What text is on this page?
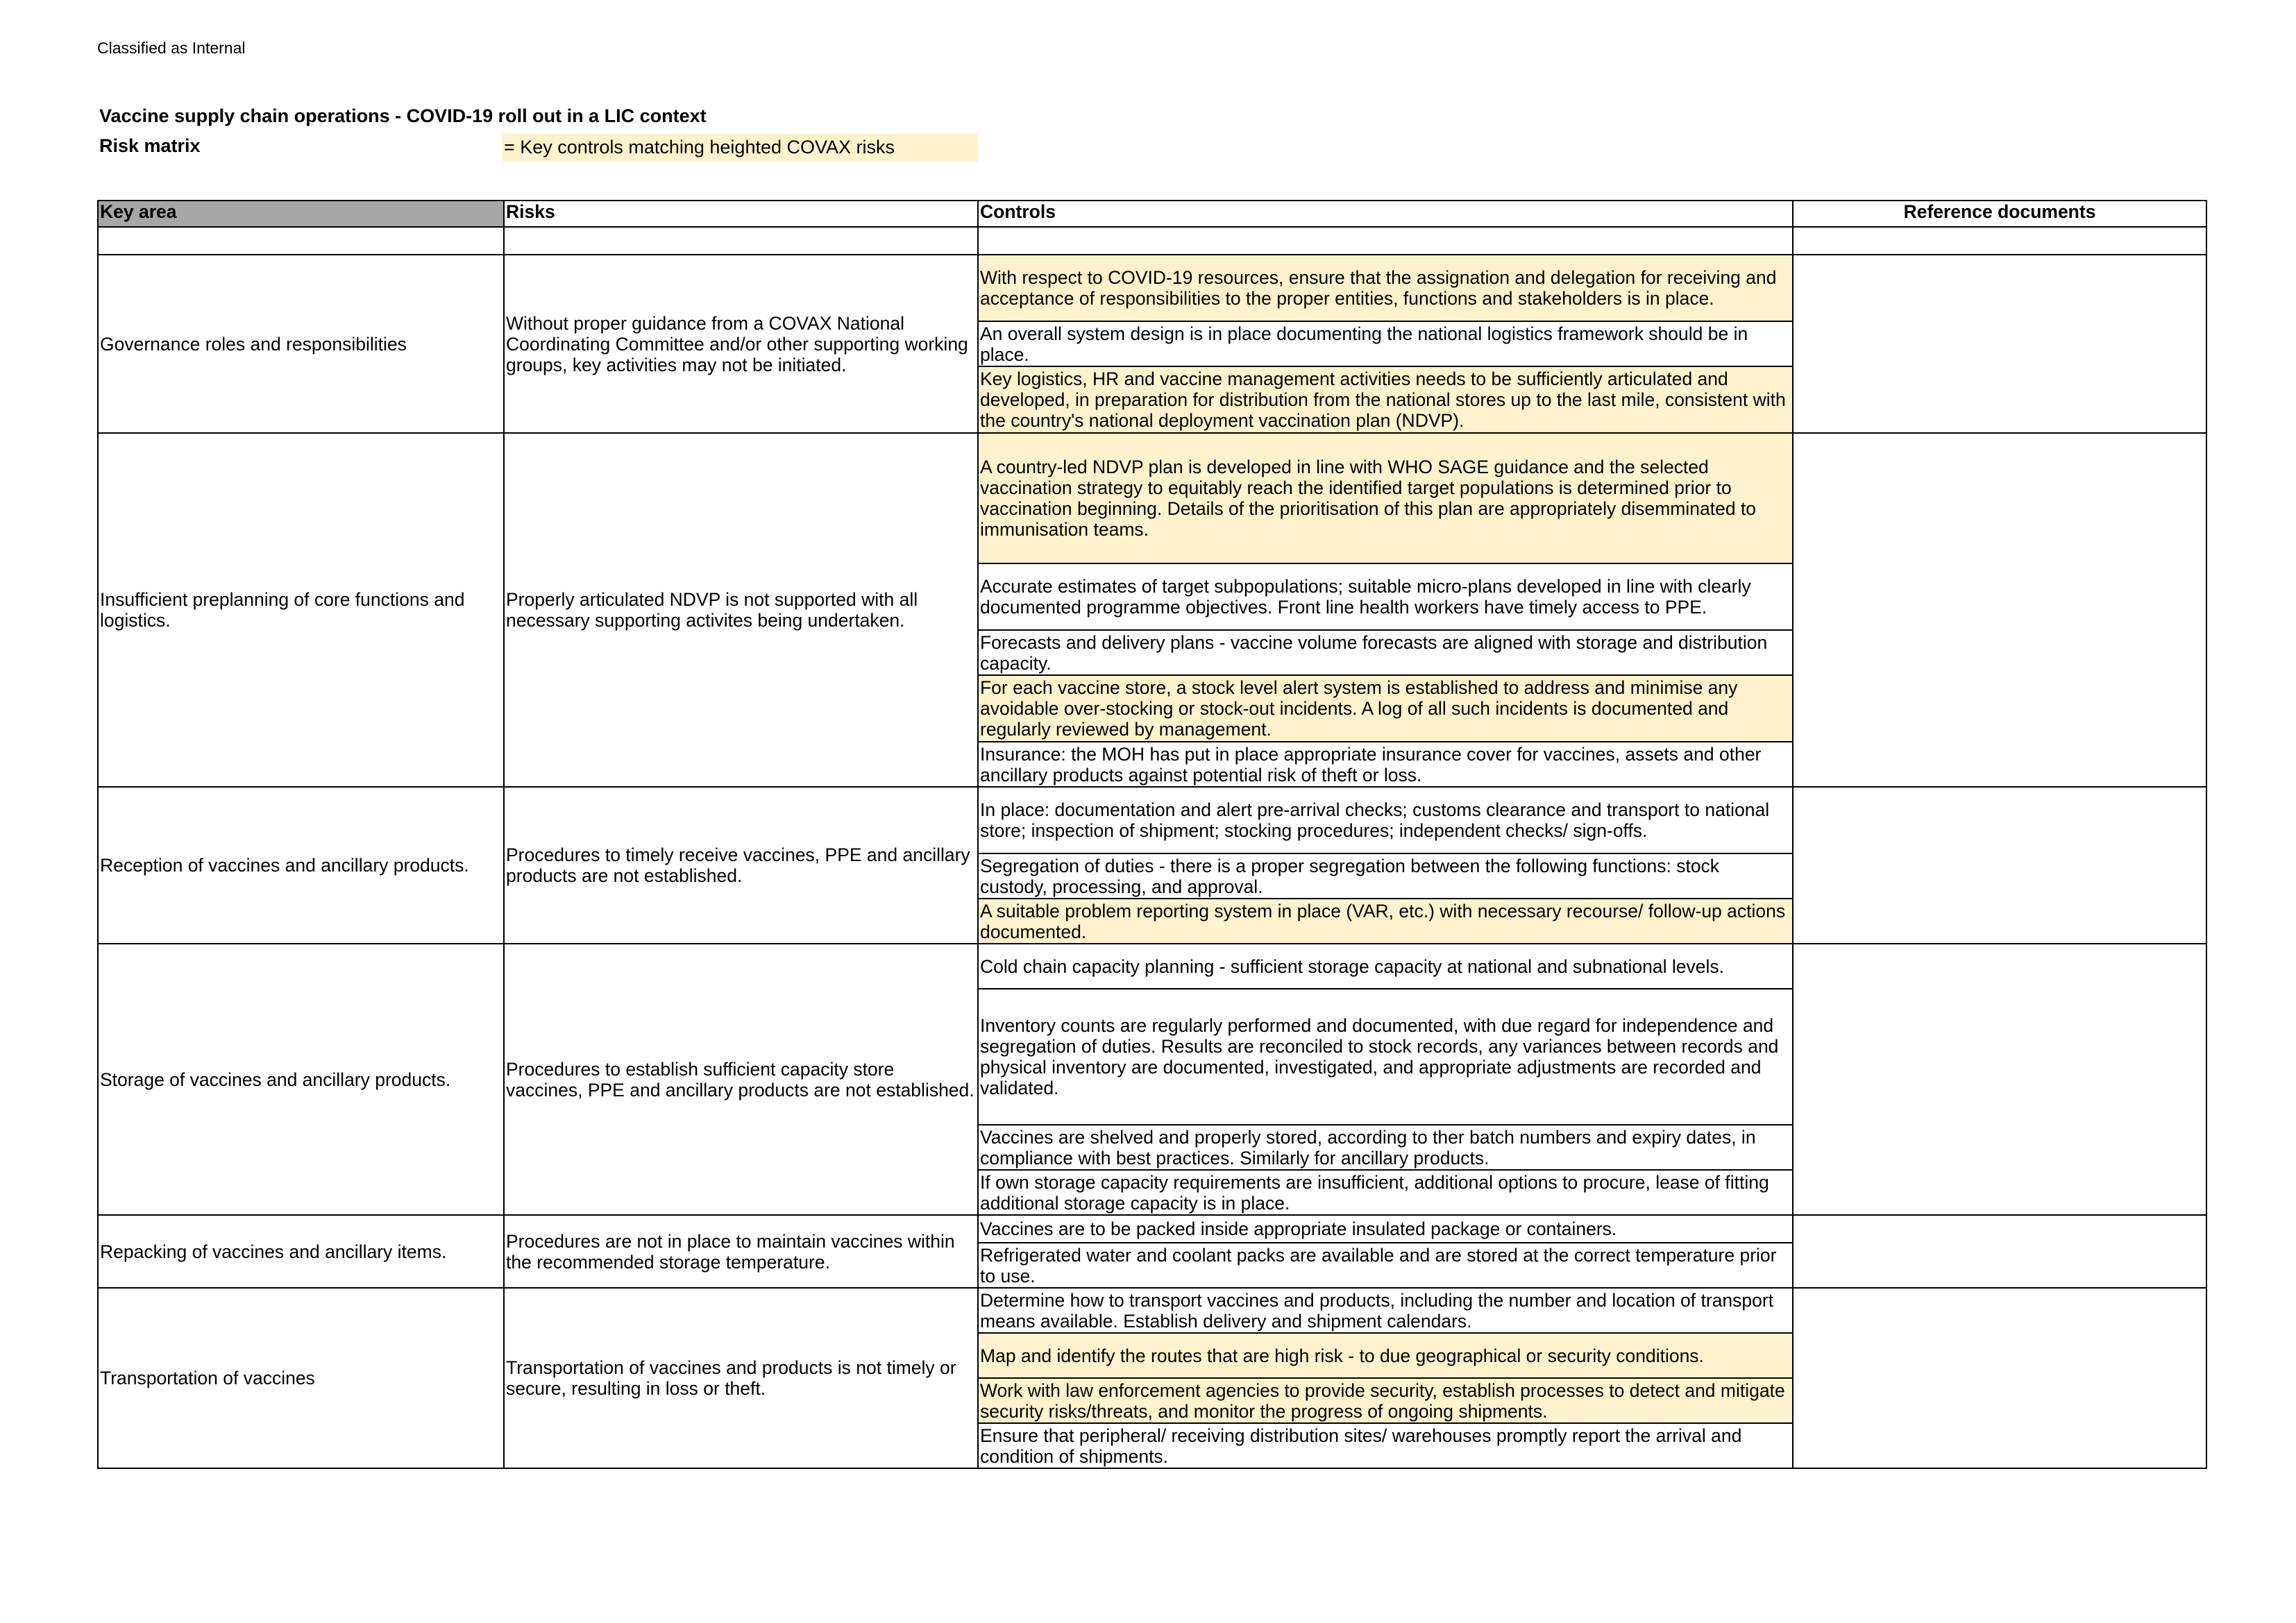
Classified as Internal
Vaccine supply chain operations - COVID-19 roll out in a LIC context
Risk matrix	= Key controls matching heighted COVAX risks
Key area	Risks	Controls	Reference documents

Governance roles and responsibilities	Without proper guidance from a COVAX National Coordinating Committee and/or other supporting working groups, key activities may not be initiated.	With respect to COVID-19 resources, ensure that the assignation and delegation for receiving and acceptance of responsibilities to the proper entities, functions and stakeholders is in place.	
		An overall system design is in place documenting the national logistics framework should be in place.	
		Key logistics, HR and vaccine management activities needs to be sufficiently articulated and developed, in preparation for distribution from the national stores up to the last mile, consistent with the country's national deployment vaccination plan (NDVP).	
Insufficient preplanning of core functions and logistics.	Properly articulated NDVP is not supported with all necessary supporting activites being undertaken.	A country-led NDVP plan is developed in line with WHO SAGE guidance and the selected vaccination strategy to equitably reach the identified target populations is determined prior to vaccination beginning. Details of the prioritisation of this plan are appropriately disemminated to immunisation teams.	
		Accurate estimates of target subpopulations; suitable micro-plans developed in line with clearly documented programme objectives. Front line health workers have timely access to PPE.	
		Forecasts and delivery plans - vaccine volume forecasts are aligned with storage and distribution capacity.	
		For each vaccine store, a stock level alert system is established to address and minimise any avoidable over-stocking or stock-out incidents. A log of all such incidents is documented and regularly reviewed by management.	
		Insurance: the MOH has put in place appropriate insurance cover for vaccines, assets and other ancillary products against potential risk of theft or loss.	
Reception of vaccines and ancillary products.	Procedures to timely receive vaccines, PPE and ancillary products are not established.	In place: documentation and alert pre-arrival checks; customs clearance and transport to national store; inspection of shipment; stocking procedures; independent checks/ sign-offs.	
		Segregation of duties - there is a proper segregation between the following functions: stock custody, processing, and approval.	
		A suitable problem reporting system in place (VAR, etc.) with necessary recourse/ follow-up actions documented.	
Storage of vaccines and ancillary products.	Procedures to establish sufficient capacity store vaccines, PPE and ancillary products are not established.	Cold chain capacity planning - sufficient storage capacity at national and subnational levels.	
		Inventory counts are regularly performed and documented, with due regard for independence and segregation of duties. Results are reconciled to stock records, any variances between records and physical inventory are documented, investigated, and appropriate adjustments are recorded and validated.	
		Vaccines are shelved and properly stored, according to ther batch numbers and expiry dates, in compliance with best practices. Similarly for ancillary products.	
		If own storage capacity requirements are insufficient, additional options to procure, lease of fitting additional storage capacity is in place.	
Repacking of vaccines and ancillary items.	Procedures are not in place to maintain vaccines within the recommended storage temperature.	Vaccines are to be packed inside appropriate insulated package or containers.	
		Refrigerated water and coolant packs are available and are stored at the correct temperature prior to use.	
Transportation of vaccines	Transportation of vaccines and products is not timely or secure, resulting in loss or theft.	Determine how to transport vaccines and products, including the number and location of transport means available. Establish delivery and shipment calendars.	
		Map and identify the routes that are high risk - to due geographical or security conditions.	
		Work with law enforcement agencies to provide security, establish processes to detect and mitigate security risks/threats, and monitor the progress of ongoing shipments.	
		Ensure that peripheral/ receiving distribution sites/ warehouses promptly report the arrival and condition of shipments.	
